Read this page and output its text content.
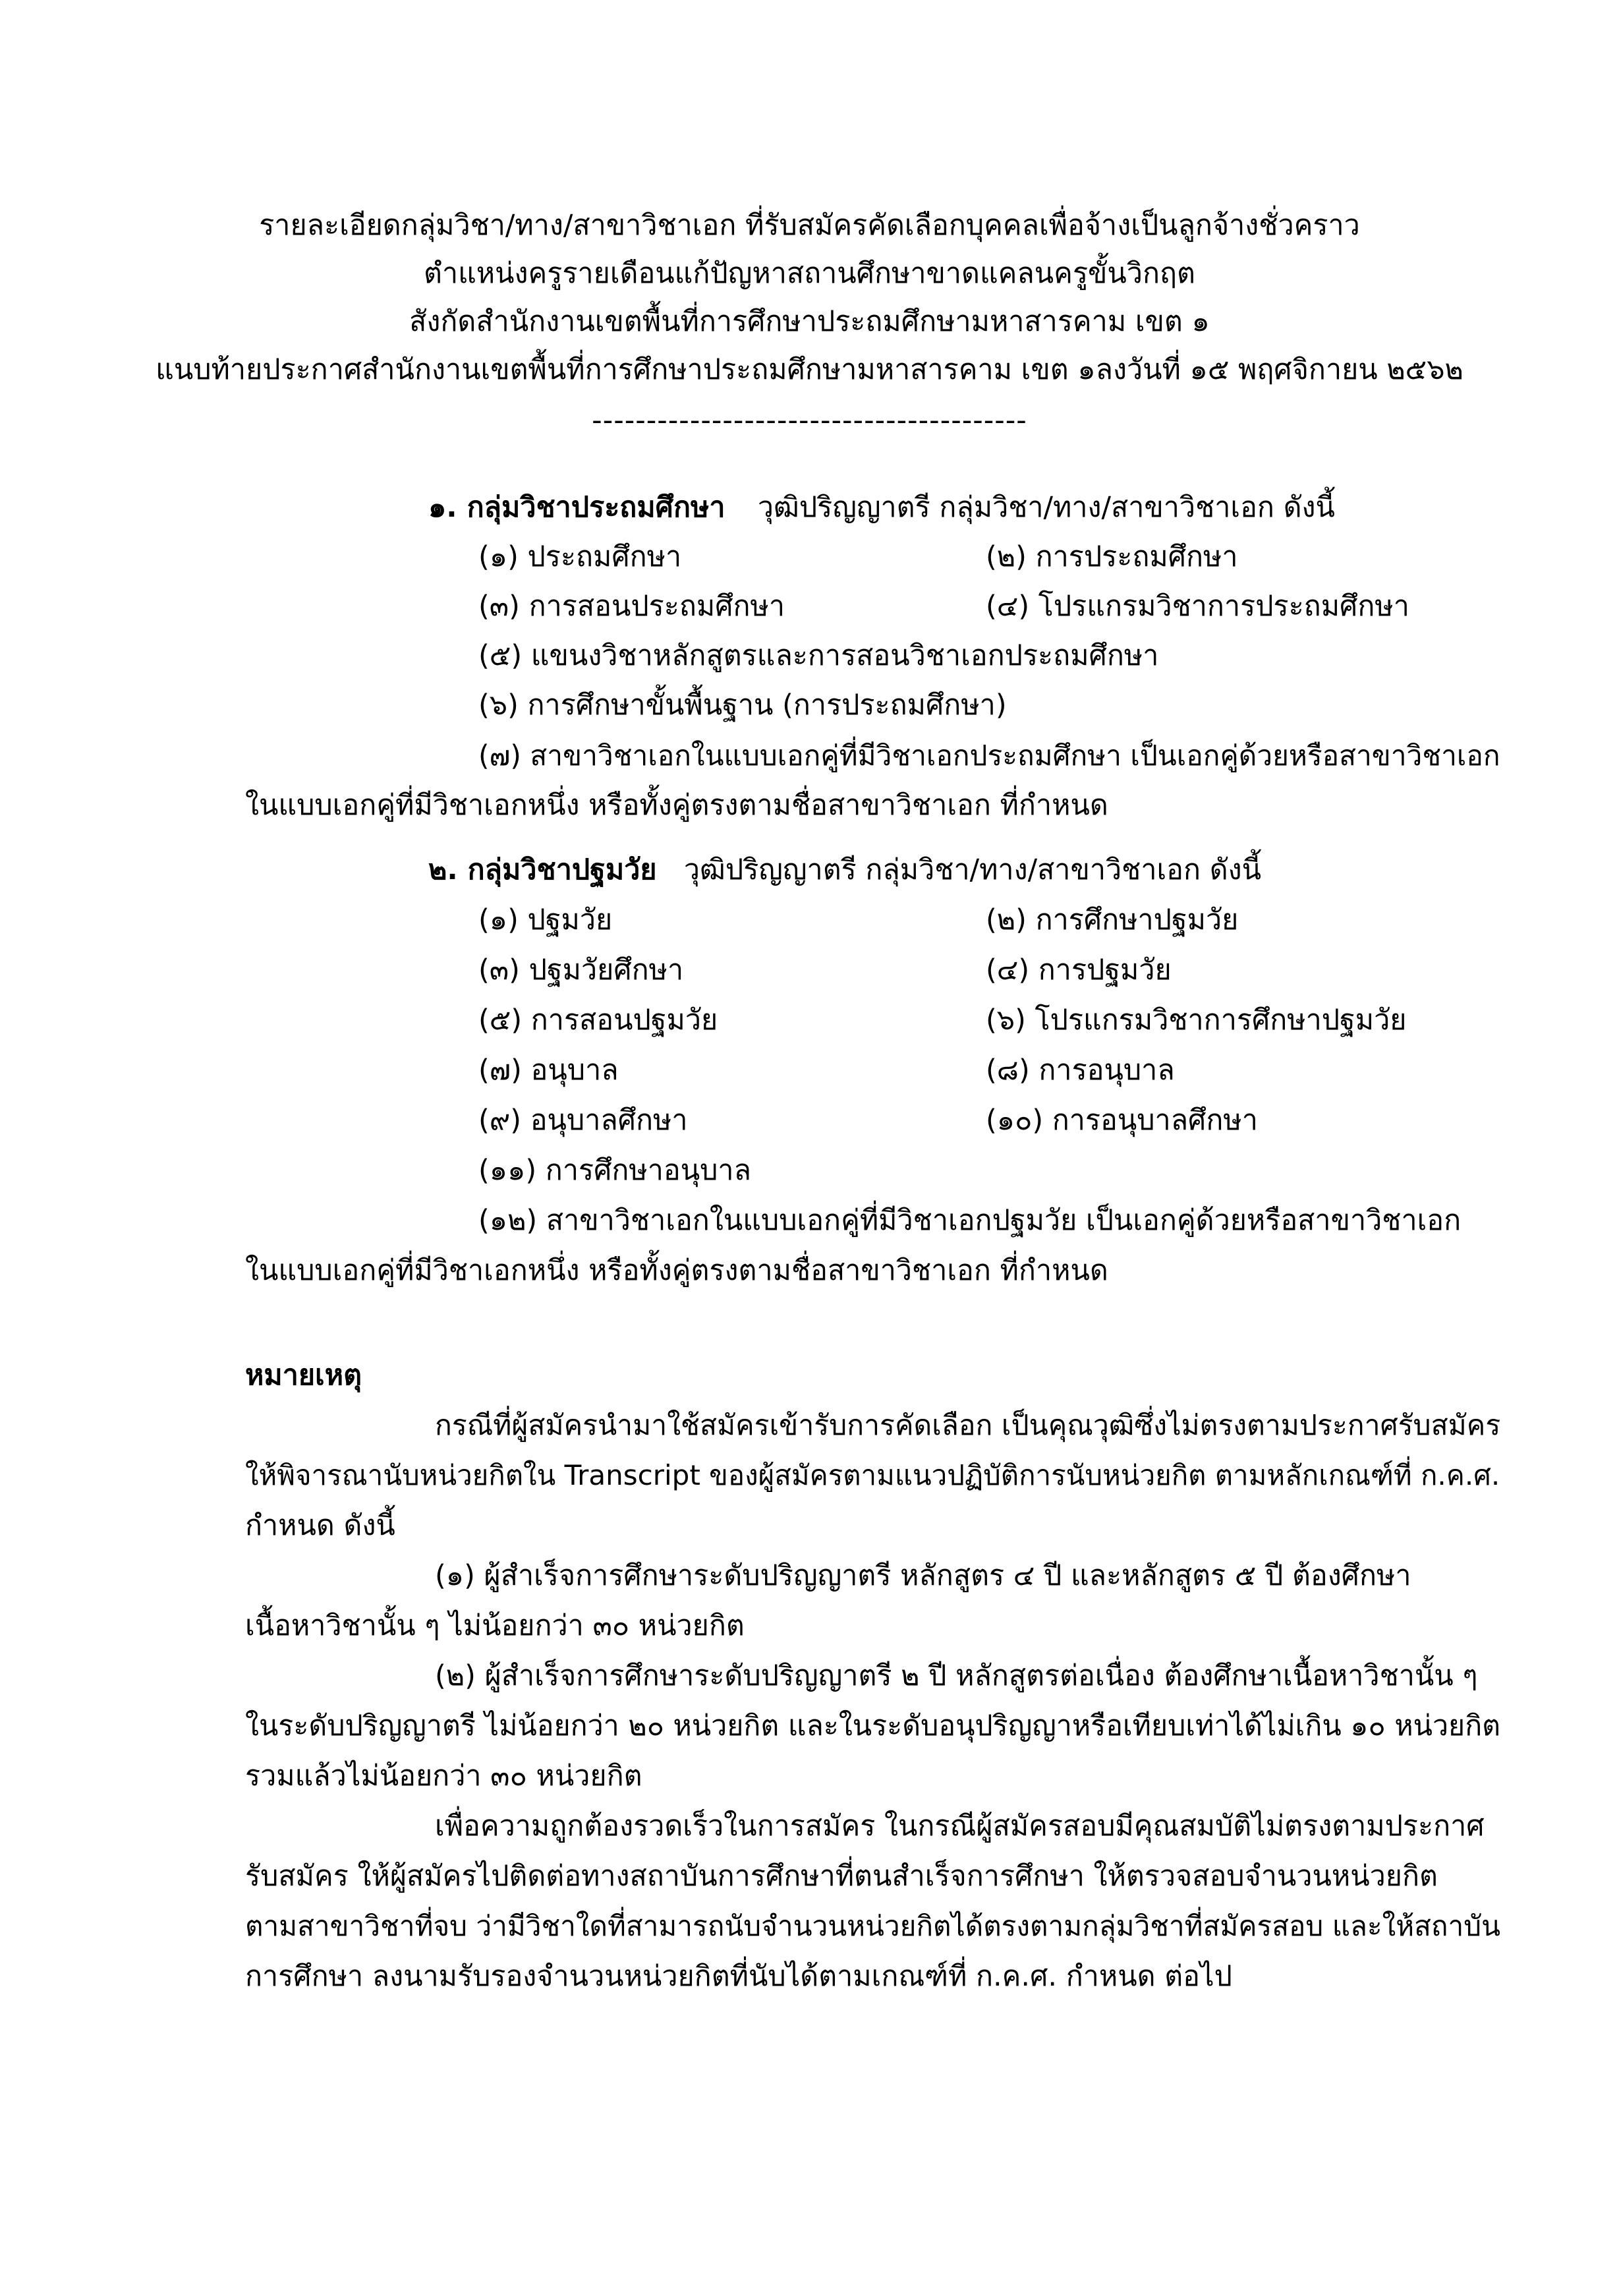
รายละเอียดกลุ่มวิชา/ทาง/สาขาวิชาเอก ที่รับสมัครคัดเลือกบุคคลเพื่อจ้างเป็นลูกจ้างชั่วคราว
ตำแหน่งครูรายเดือนแก้ปัญหาสถานศึกษาขาดแคลนครูขั้นวิกฤต
สังกัดสำนักงานเขตพื้นที่การศึกษาประถมศึกษามหาสารคาม เขต ๑
แนบท้ายประกาศสำนักงานเขตพื้นที่การศึกษาประถมศึกษามหาสารคาม เขต ๑ลงวันที่ ๑๕ พฤศจิกายน ๒๕๖๒
----------------------------------------
๑. กลุ่มวิชาประถมศึกษา วุฒิปริญญาตรี กลุ่มวิชา/ทาง/สาขาวิชาเอก ดังนี้
(๑) ประถมศึกษา	(๒) การประถมศึกษา
(๓) การสอนประถมศึกษา	(๔) โปรแกรมวิชาการประถมศึกษา
(๕) แขนงวิชาหลักสูตรและการสอนวิชาเอกประถมศึกษา
(๖) การศึกษาขั้นพื้นฐาน (การประถมศึกษา)
(๗) สาขาวิชาเอกในแบบเอกคู่ที่มีวิชาเอกประถมศึกษา เป็นเอกคู่ด้วยหรือสาขาวิชาเอก
ในแบบเอกคู่ที่มีวิชาเอกหนึ่ง หรือทั้งคู่ตรงตามชื่อสาขาวิชาเอก ที่กำหนด
๒. กลุ่มวิชาปฐมวัย วุฒิปริญญาตรี กลุ่มวิชา/ทาง/สาขาวิชาเอก ดังนี้
(๑) ปฐมวัย	(๒) การศึกษาปฐมวัย
(๓) ปฐมวัยศึกษา	(๔) การปฐมวัย
(๕) การสอนปฐมวัย	(๖) โปรแกรมวิชาการศึกษาปฐมวัย
(๗) อนุบาล	(๘) การอนุบาล
(๙) อนุบาลศึกษา	(๑๐) การอนุบาลศึกษา
(๑๑) การศึกษาอนุบาล
(๑๒) สาขาวิชาเอกในแบบเอกคู่ที่มีวิชาเอกปฐมวัย เป็นเอกคู่ด้วยหรือสาขาวิชาเอก
ในแบบเอกคู่ที่มีวิชาเอกหนึ่ง หรือทั้งคู่ตรงตามชื่อสาขาวิชาเอก ที่กำหนด
หมายเหตุ
กรณีที่ผู้สมัครนำมาใช้สมัครเข้ารับการคัดเลือก เป็นคุณวุฒิซึ่งไม่ตรงตามประกาศรับสมัคร
ให้พิจารณานับหน่วยกิตใน Transcript ของผู้สมัครตามแนวปฏิบัติการนับหน่วยกิต ตามหลักเกณฑ์ที่ ก.ค.ศ.
กำหนด ดังนี้
(๑) ผู้สำเร็จการศึกษาระดับปริญญาตรี หลักสูตร ๔ ปี และหลักสูตร ๕ ปี ต้องศึกษา
เนื้อหาวิชานั้น ๆ ไม่น้อยกว่า ๓๐ หน่วยกิต
(๒) ผู้สำเร็จการศึกษาระดับปริญญาตรี ๒ ปี หลักสูตรต่อเนื่อง ต้องศึกษาเนื้อหาวิชานั้น ๆ
ในระดับปริญญาตรี ไม่น้อยกว่า ๒๐ หน่วยกิต และในระดับอนุปริญญาหรือเทียบเท่าได้ไม่เกิน ๑๐ หน่วยกิต
รวมแล้วไม่น้อยกว่า ๓๐ หน่วยกิต
เพื่อความถูกต้องรวดเร็วในการสมัคร ในกรณีผู้สมัครสอบมีคุณสมบัติไม่ตรงตามประกาศ
รับสมัคร ให้ผู้สมัครไปติดต่อทางสถาบันการศึกษาที่ตนสำเร็จการศึกษา ให้ตรวจสอบจำนวนหน่วยกิต
ตามสาขาวิชาที่จบ ว่ามีวิชาใดที่สามารถนับจำนวนหน่วยกิตได้ตรงตามกลุ่มวิชาที่สมัครสอบ และให้สถาบัน
การศึกษา ลงนามรับรองจำนวนหน่วยกิตที่นับได้ตามเกณฑ์ที่ ก.ค.ศ. กำหนด ต่อไป
